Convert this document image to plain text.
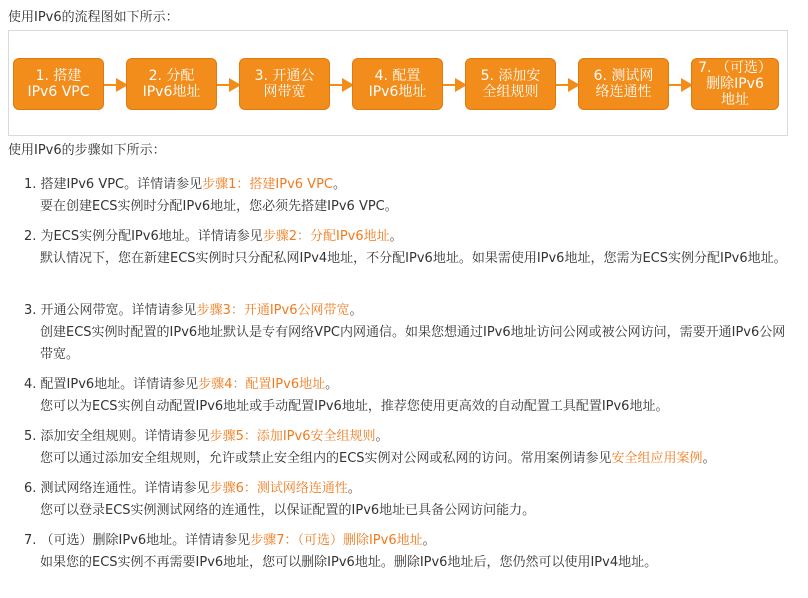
使用IPv6的流程图如下所示：
1. 搭建
IPv6 VPC
2. 分配
IPv6地址
3. 开通公
网带宽
4. 配置
IPv6地址
5. 添加安
全组规则
6. 测试网
络连通性
7. （可选）
删除IPv6
地址
使用IPv6的步骤如下所示：
1. 搭建IPv6 VPC。详情请参见步骤1：搭建IPv6 VPC。
要在创建ECS实例时分配IPv6地址，您必须先搭建IPv6 VPC。
2. 为ECS实例分配IPv6地址。详情请参见步骤2：分配IPv6地址。
默认情况下，您在新建ECS实例时只分配私网IPv4地址，不分配IPv6地址。如果需使用IPv6地址，您需为ECS实例分配IPv6地址。
3. 开通公网带宽。详情请参见步骤3：开通IPv6公网带宽。
创建ECS实例时配置的IPv6地址默认是专有网络VPC内网通信。如果您想通过IPv6地址访问公网或被公网访问，需要开通IPv6公网带宽。
4. 配置IPv6地址。详情请参见步骤4：配置IPv6地址。
您可以为ECS实例自动配置IPv6地址或手动配置IPv6地址，推荐您使用更高效的自动配置工具配置IPv6地址。
5. 添加安全组规则。详情请参见步骤5：添加IPv6安全组规则。
您可以通过添加安全组规则，允许或禁止安全组内的ECS实例对公网或私网的访问。常用案例请参见安全组应用案例。
6. 测试网络连通性。详情请参见步骤6：测试网络连通性。
您可以登录ECS实例测试网络的连通性，以保证配置的IPv6地址已具备公网访问能力。
7. （可选）删除IPv6地址。详情请参见步骤7：（可选）删除IPv6地址。
如果您的ECS实例不再需要IPv6地址，您可以删除IPv6地址。删除IPv6地址后，您仍然可以使用IPv4地址。
